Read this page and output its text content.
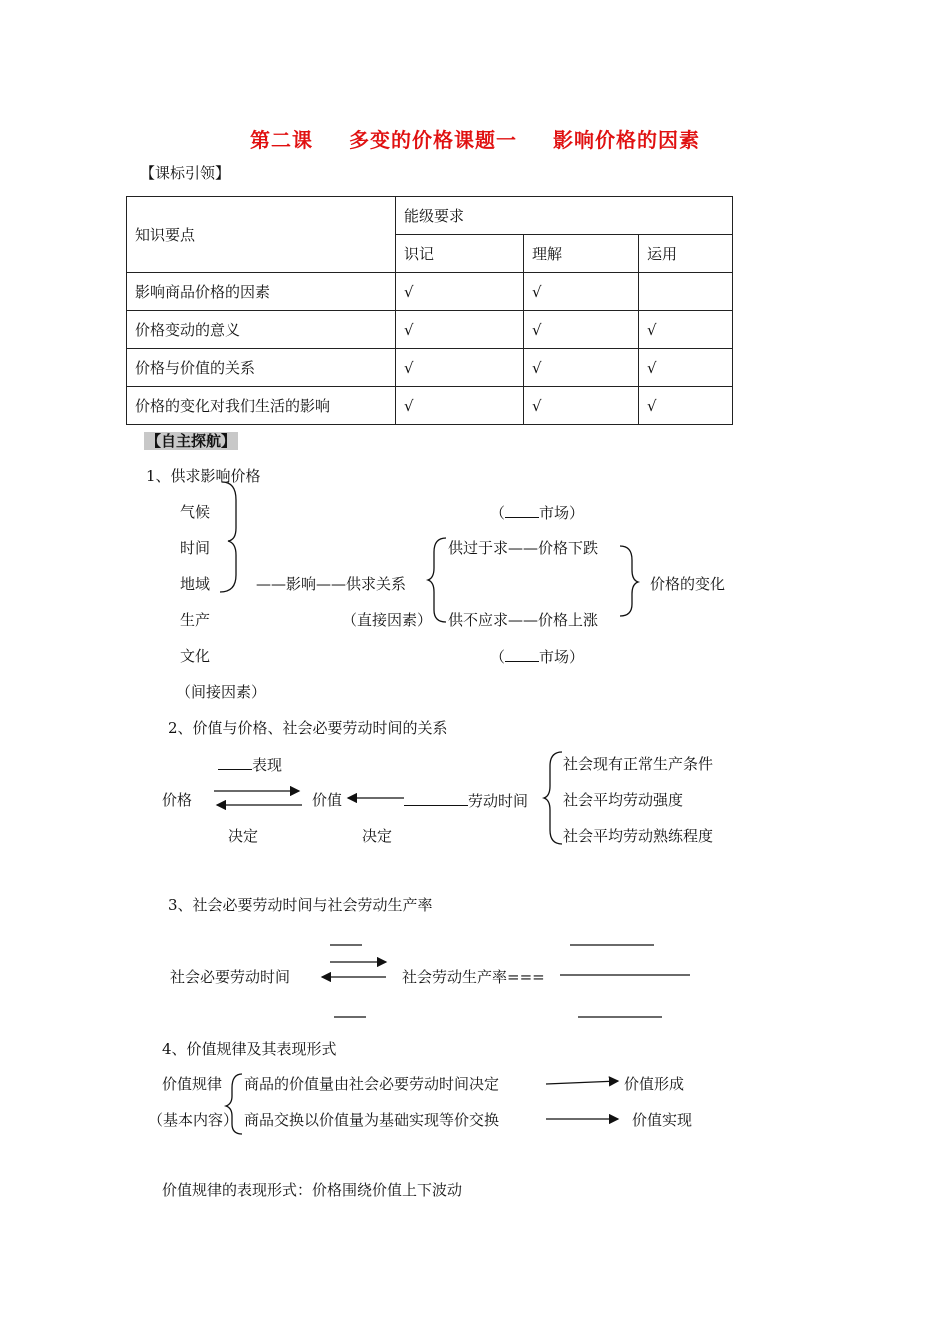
第二课 多变的价格课题一 影响价格的因素
【课标引领】
知识要点	能级要求		
	识记	理解	运用
影响商品价格的因素	√	√	
价格变动的意义	√	√	√
价格与价值的关系	√	√	√
价格的变化对我们生活的影响	√	√	√
【自主探航】
1、供求影响价格
气候
时间
地域
生产
文化
（间接因素）
——影响——供求关系
（直接因素）
（ 市场）
供过于求——价格下跌
供不应求——价格上涨
（ 市场）
价格的变化
2、价值与价格、社会必要劳动时间的关系
表现
价格	价值	劳动时间
决定	决定
社会现有正常生产条件
社会平均劳动强度
社会平均劳动熟练程度
3、社会必要劳动时间与社会劳动生产率
社会必要劳动时间	社会劳动生产率===
4、价值规律及其表现形式
价值规律
（基本内容）
商品的价值量由社会必要劳动时间决定
商品交换以价值量为基础实现等价交换
价值形成
价值实现
价值规律的表现形式：价格围绕价值上下波动
